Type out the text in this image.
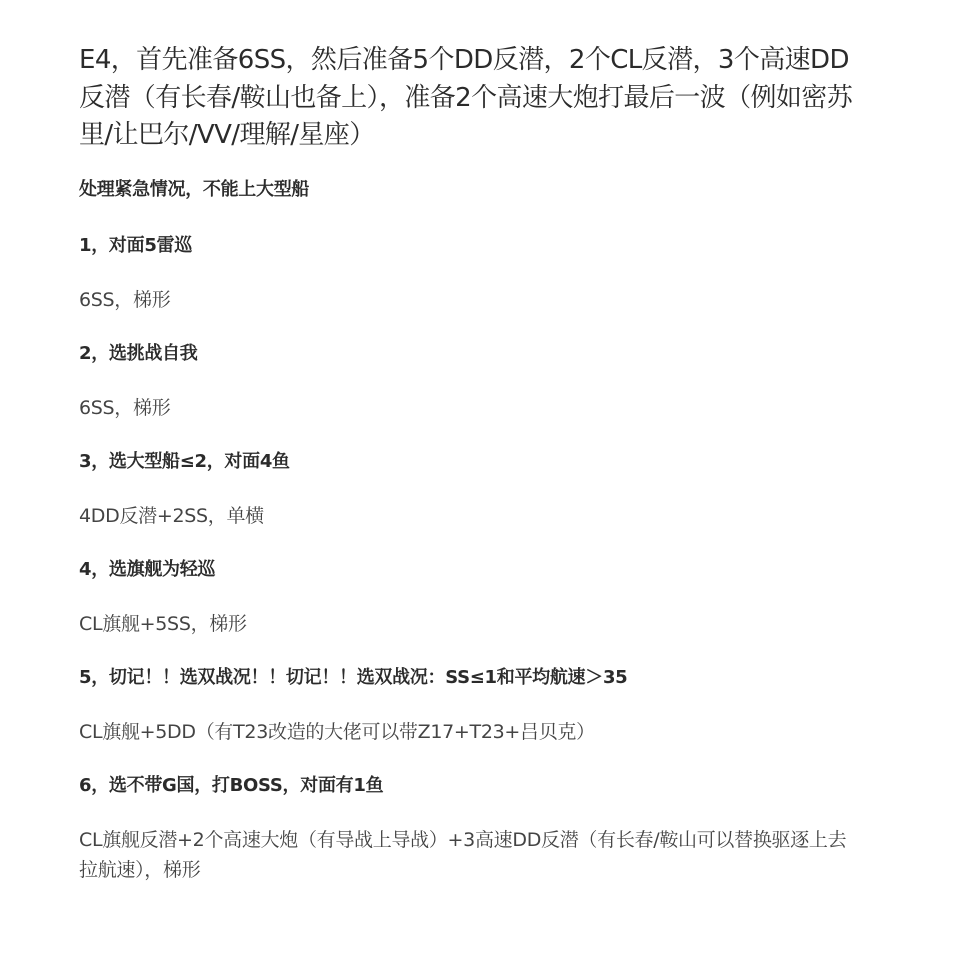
E4，首先准备6SS，然后准备5个DD反潜，2个CL反潜，3个高速DD反潜（有长春/鞍山也备上），准备2个高速大炮打最后一波（例如密苏里/让巴尔/VV/理解/星座）

处理紧急情况，不能上大型船

1，对面5雷巡

6SS，梯形

2，选挑战自我

6SS，梯形

3，选大型船≤2，对面4鱼

4DD反潜+2SS，单横

4，选旗舰为轻巡

CL旗舰+5SS，梯形

5，切记！！选双战况！！切记！！选双战况：SS≤1和平均航速＞35

CL旗舰+5DD（有T23改造的大佬可以带Z17+T23+吕贝克）

6，选不带G国，打BOSS，对面有1鱼

CL旗舰反潜+2个高速大炮（有导战上导战）+3高速DD反潜（有长春/鞍山可以替换驱逐上去拉航速），梯形
